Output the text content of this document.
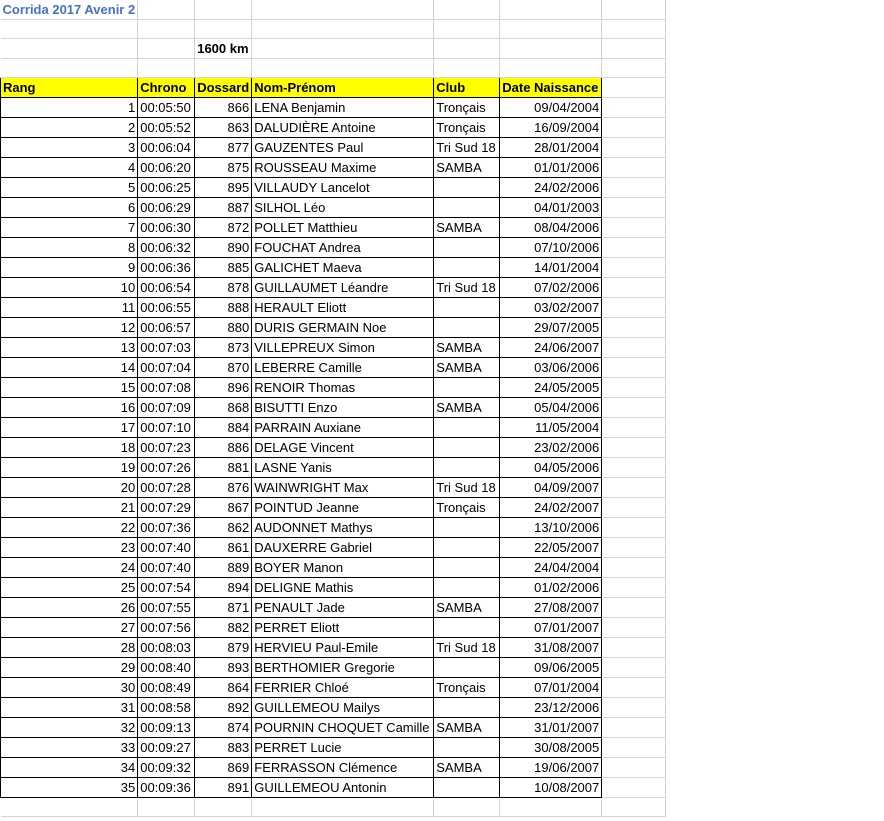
Corrida 2017 Avenir 2						

		1600 km				

Rang	Chrono	Dossard	Nom-Prénom	Club	Date Naissance	
1	00:05:50	866	LENA Benjamin	Tronçais	09/04/2004	
2	00:05:52	863	DALUDIÈRE Antoine	Tronçais	16/09/2004	
3	00:06:04	877	GAUZENTES Paul	Tri Sud 18	28/01/2004	
4	00:06:20	875	ROUSSEAU Maxime	SAMBA	01/01/2006	
5	00:06:25	895	VILLAUDY Lancelot		24/02/2006	
6	00:06:29	887	SILHOL Léo		04/01/2003	
7	00:06:30	872	POLLET Matthieu	SAMBA	08/04/2006	
8	00:06:32	890	FOUCHAT Andrea		07/10/2006	
9	00:06:36	885	GALICHET Maeva		14/01/2004	
10	00:06:54	878	GUILLAUMET Léandre	Tri Sud 18	07/02/2006	
11	00:06:55	888	HERAULT Eliott		03/02/2007	
12	00:06:57	880	DURIS GERMAIN Noe		29/07/2005	
13	00:07:03	873	VILLEPREUX Simon	SAMBA	24/06/2007	
14	00:07:04	870	LEBERRE Camille	SAMBA	03/06/2006	
15	00:07:08	896	RENOIR Thomas		24/05/2005	
16	00:07:09	868	BISUTTI Enzo	SAMBA	05/04/2006	
17	00:07:10	884	PARRAIN Auxiane		11/05/2004	
18	00:07:23	886	DELAGE Vincent		23/02/2006	
19	00:07:26	881	LASNE Yanis		04/05/2006	
20	00:07:28	876	WAINWRIGHT Max	Tri Sud 18	04/09/2007	
21	00:07:29	867	POINTUD Jeanne	Tronçais	24/02/2007	
22	00:07:36	862	AUDONNET Mathys		13/10/2006	
23	00:07:40	861	DAUXERRE Gabriel		22/05/2007	
24	00:07:40	889	BOYER Manon		24/04/2004	
25	00:07:54	894	DELIGNE Mathis		01/02/2006	
26	00:07:55	871	PENAULT Jade	SAMBA	27/08/2007	
27	00:07:56	882	PERRET Eliott		07/01/2007	
28	00:08:03	879	HERVIEU Paul-Emile	Tri Sud 18	31/08/2007	
29	00:08:40	893	BERTHOMIER Gregorie		09/06/2005	
30	00:08:49	864	FERRIER Chloé	Tronçais	07/01/2004	
31	00:08:58	892	GUILLEMEOU Mailys		23/12/2006	
32	00:09:13	874	POURNIN CHOQUET Camille	SAMBA	31/01/2007	
33	00:09:27	883	PERRET Lucie		30/08/2005	
34	00:09:32	869	FERRASSON Clémence	SAMBA	19/06/2007	
35	00:09:36	891	GUILLEMEOU Antonin		10/08/2007	
